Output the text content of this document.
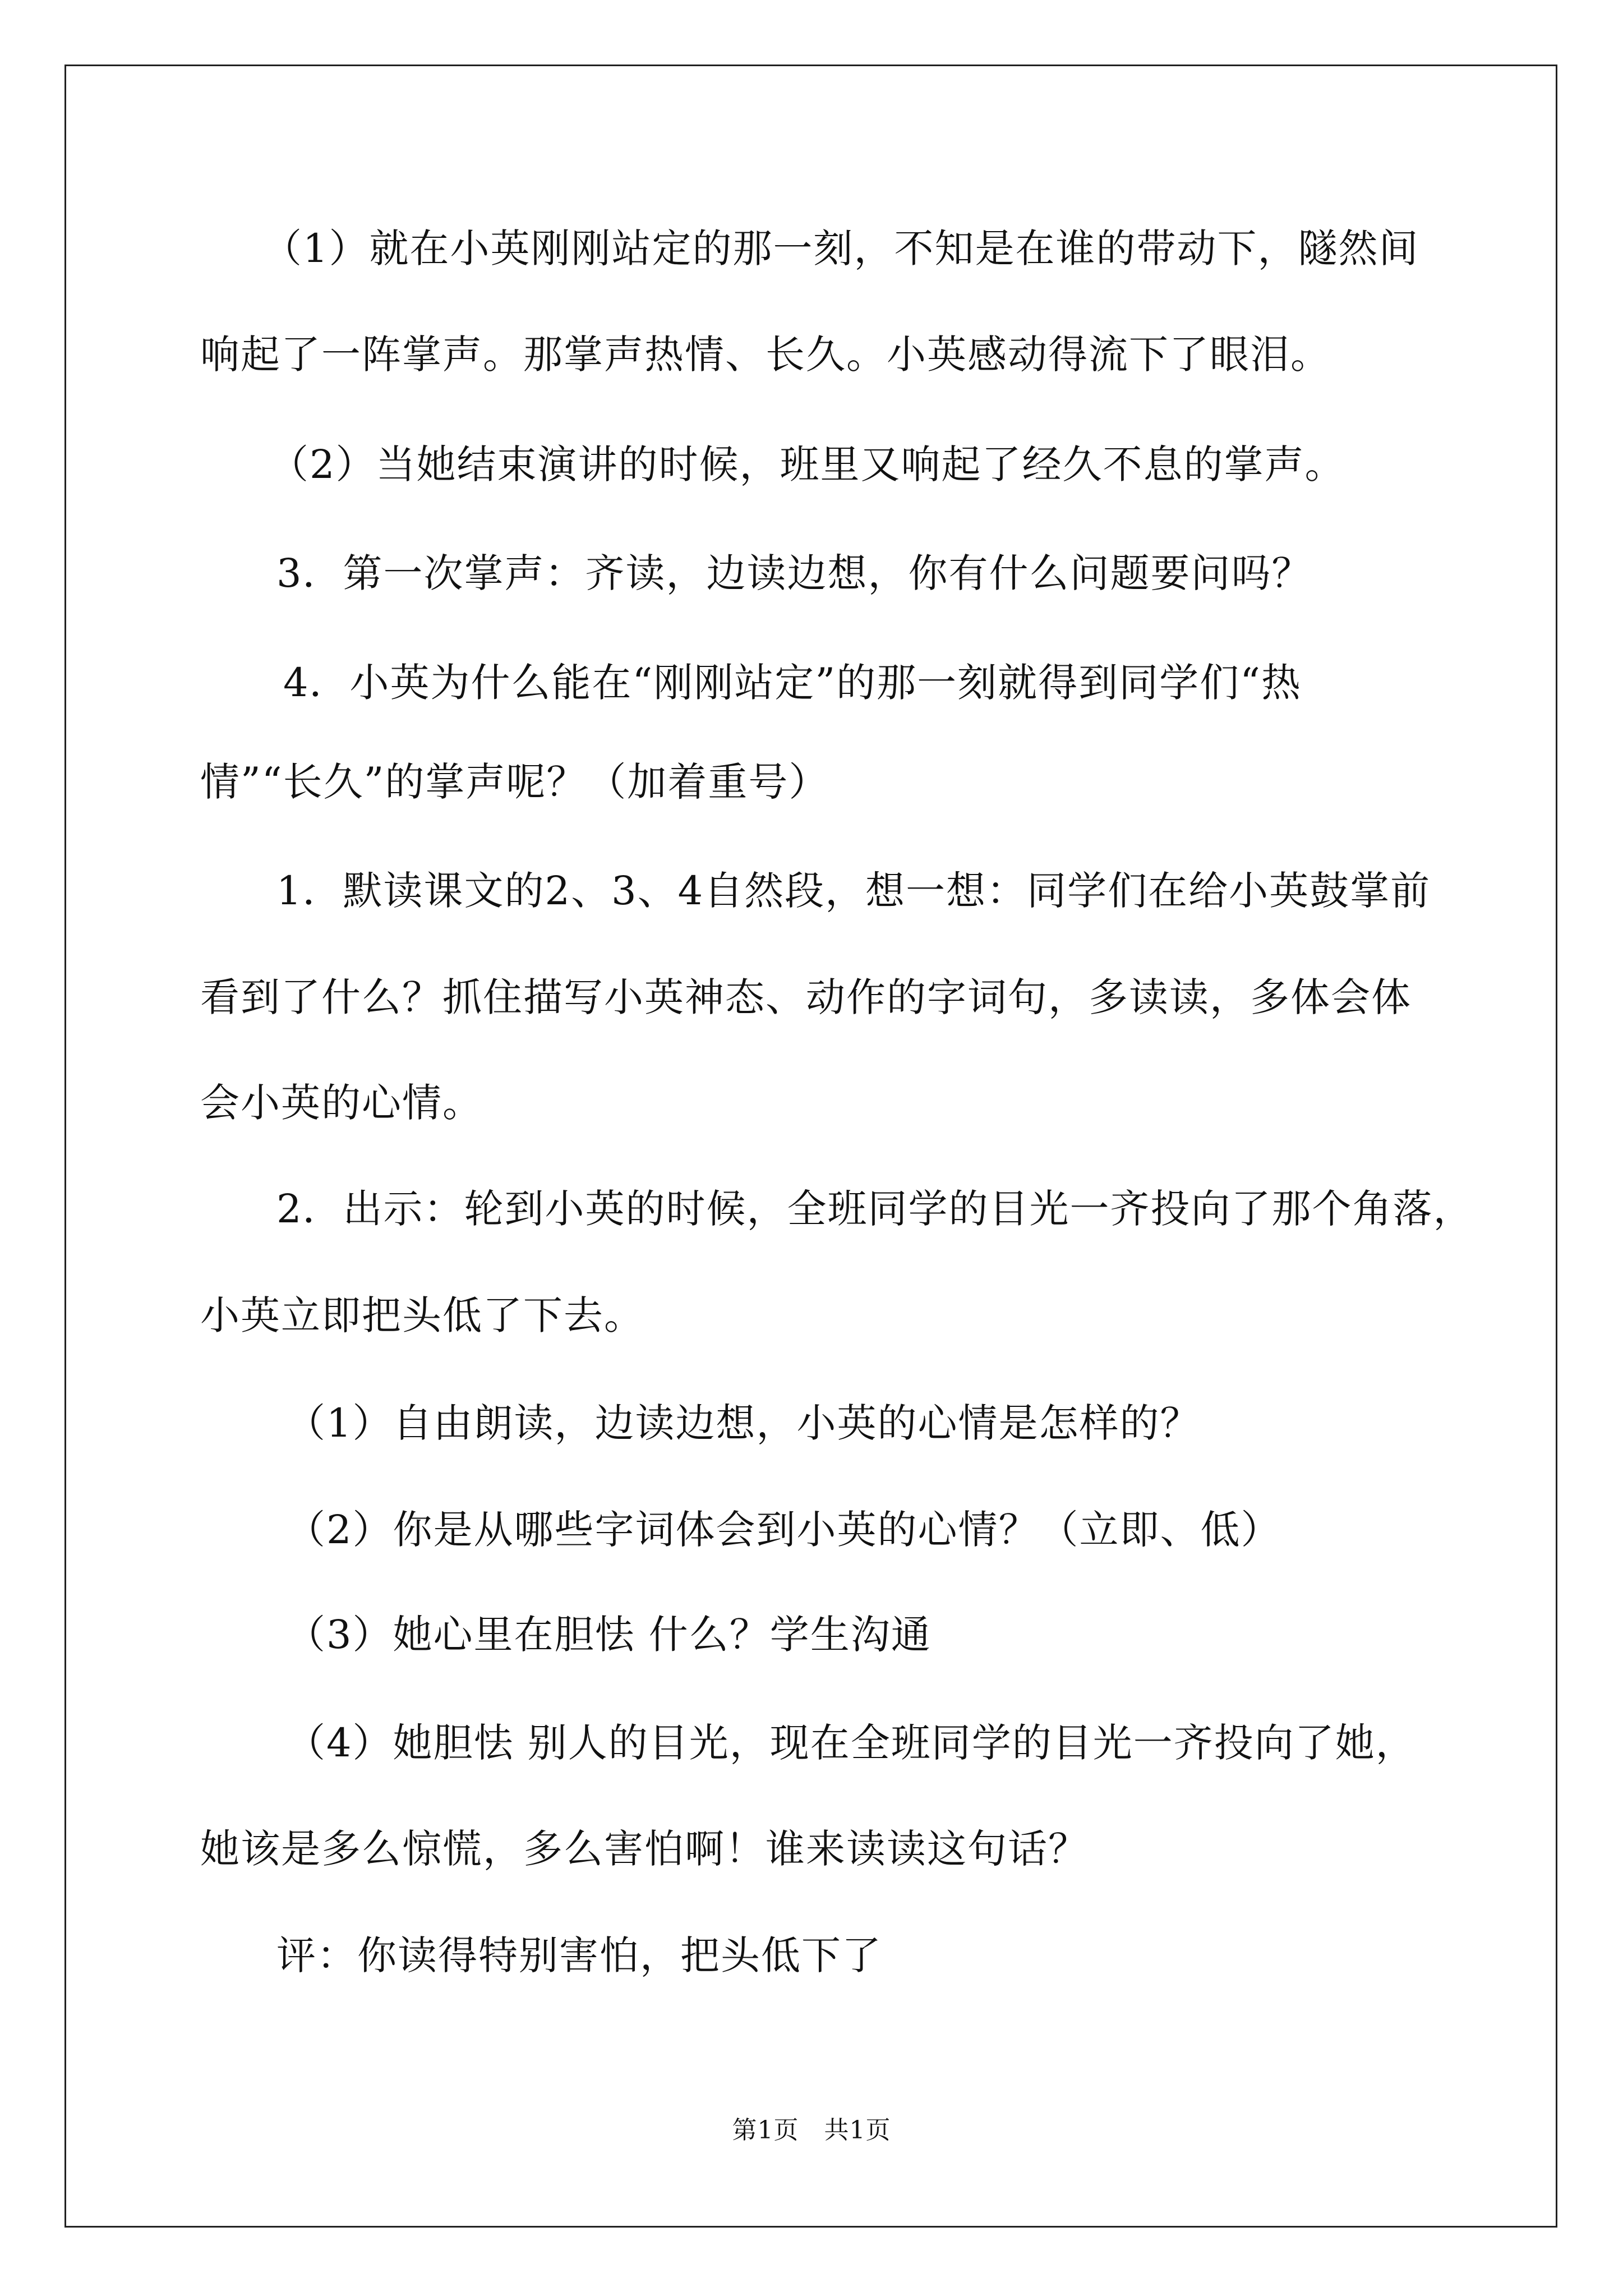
（1）就在小英刚刚站定的那一刻，不知是在谁的带动下，隧然间
响起了一阵掌声。那掌声热情、长久。小英感动得流下了眼泪。
（2）当她结束演讲的时候，班里又响起了经久不息的掌声。
3．第一次掌声：齐读，边读边想，你有什么问题要问吗？
4．小英为什么能在“刚刚站定”的那一刻就得到同学们“热
情”“长久”的掌声呢？（加着重号）
1．默读课文的2、3、4自然段，想一想：同学们在给小英鼓掌前
看到了什么？抓住描写小英神态、动作的字词句，多读读，多体会体
会小英的心情。
2．出示：轮到小英的时候，全班同学的目光一齐投向了那个角落，
小英立即把头低了下去。
（1）自由朗读，边读边想，小英的心情是怎样的？
（2）你是从哪些字词体会到小英的心情？（立即、低）
（3）她心里在胆怯 什么？学生沟通
（4）她胆怯 别人的目光，现在全班同学的目光一齐投向了她，
她该是多么惊慌，多么害怕啊！谁来读读这句话？
评：你读得特别害怕，把头低下了
第1页　共1页
